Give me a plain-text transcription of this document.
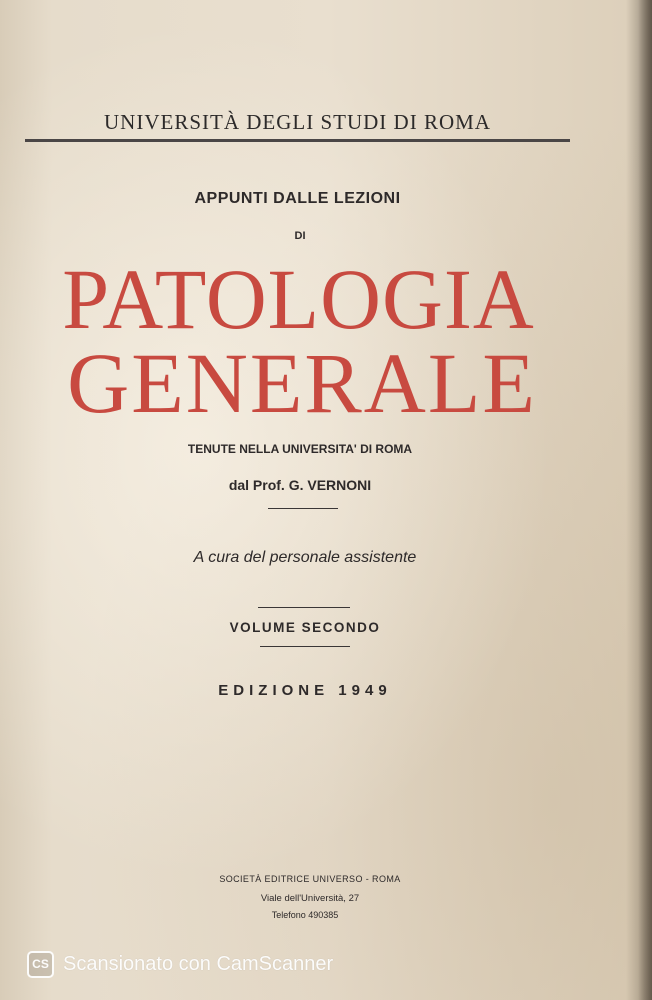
UNIVERSITÀ DEGLI STUDI DI ROMA
APPUNTI DALLE LEZIONI
DI
PATOLOGIA
GENERALE
TENUTE NELLA UNIVERSITA' DI ROMA
dal Prof. G. VERNONI
A cura del personale assistente
VOLUME SECONDO
EDIZIONE 1949
SOCIETÀ EDITRICE UNIVERSO - ROMA
Viale dell'Università, 27
Telefono 490385
CS Scansionato con CamScanner
